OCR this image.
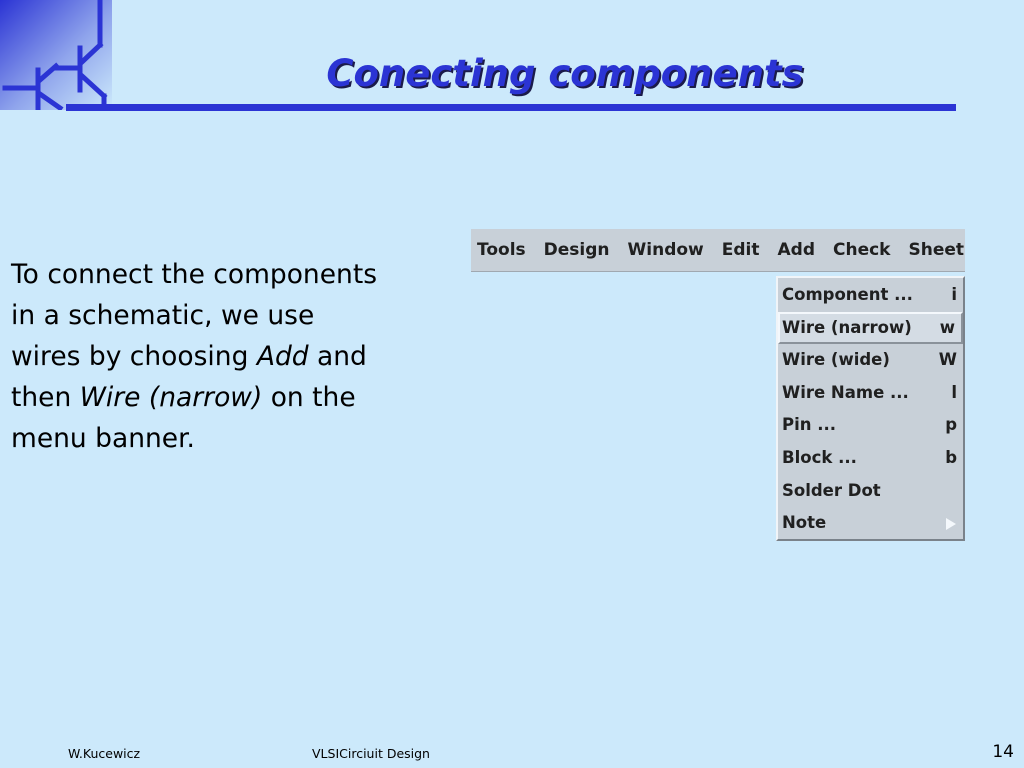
Conecting components
To connect the components
in a schematic, we use
wires by choosing Add and
then Wire (narrow) on the
menu banner.
Tools Design Window Edit Add Check Sheet
Component ... i
Wire (narrow) w
Wire (wide)	W
Wire Name ...	l
Pin ...	p
Block ...	b
Solder Dot
Note
W.Kucewicz	VLSICirciuit Design	14
